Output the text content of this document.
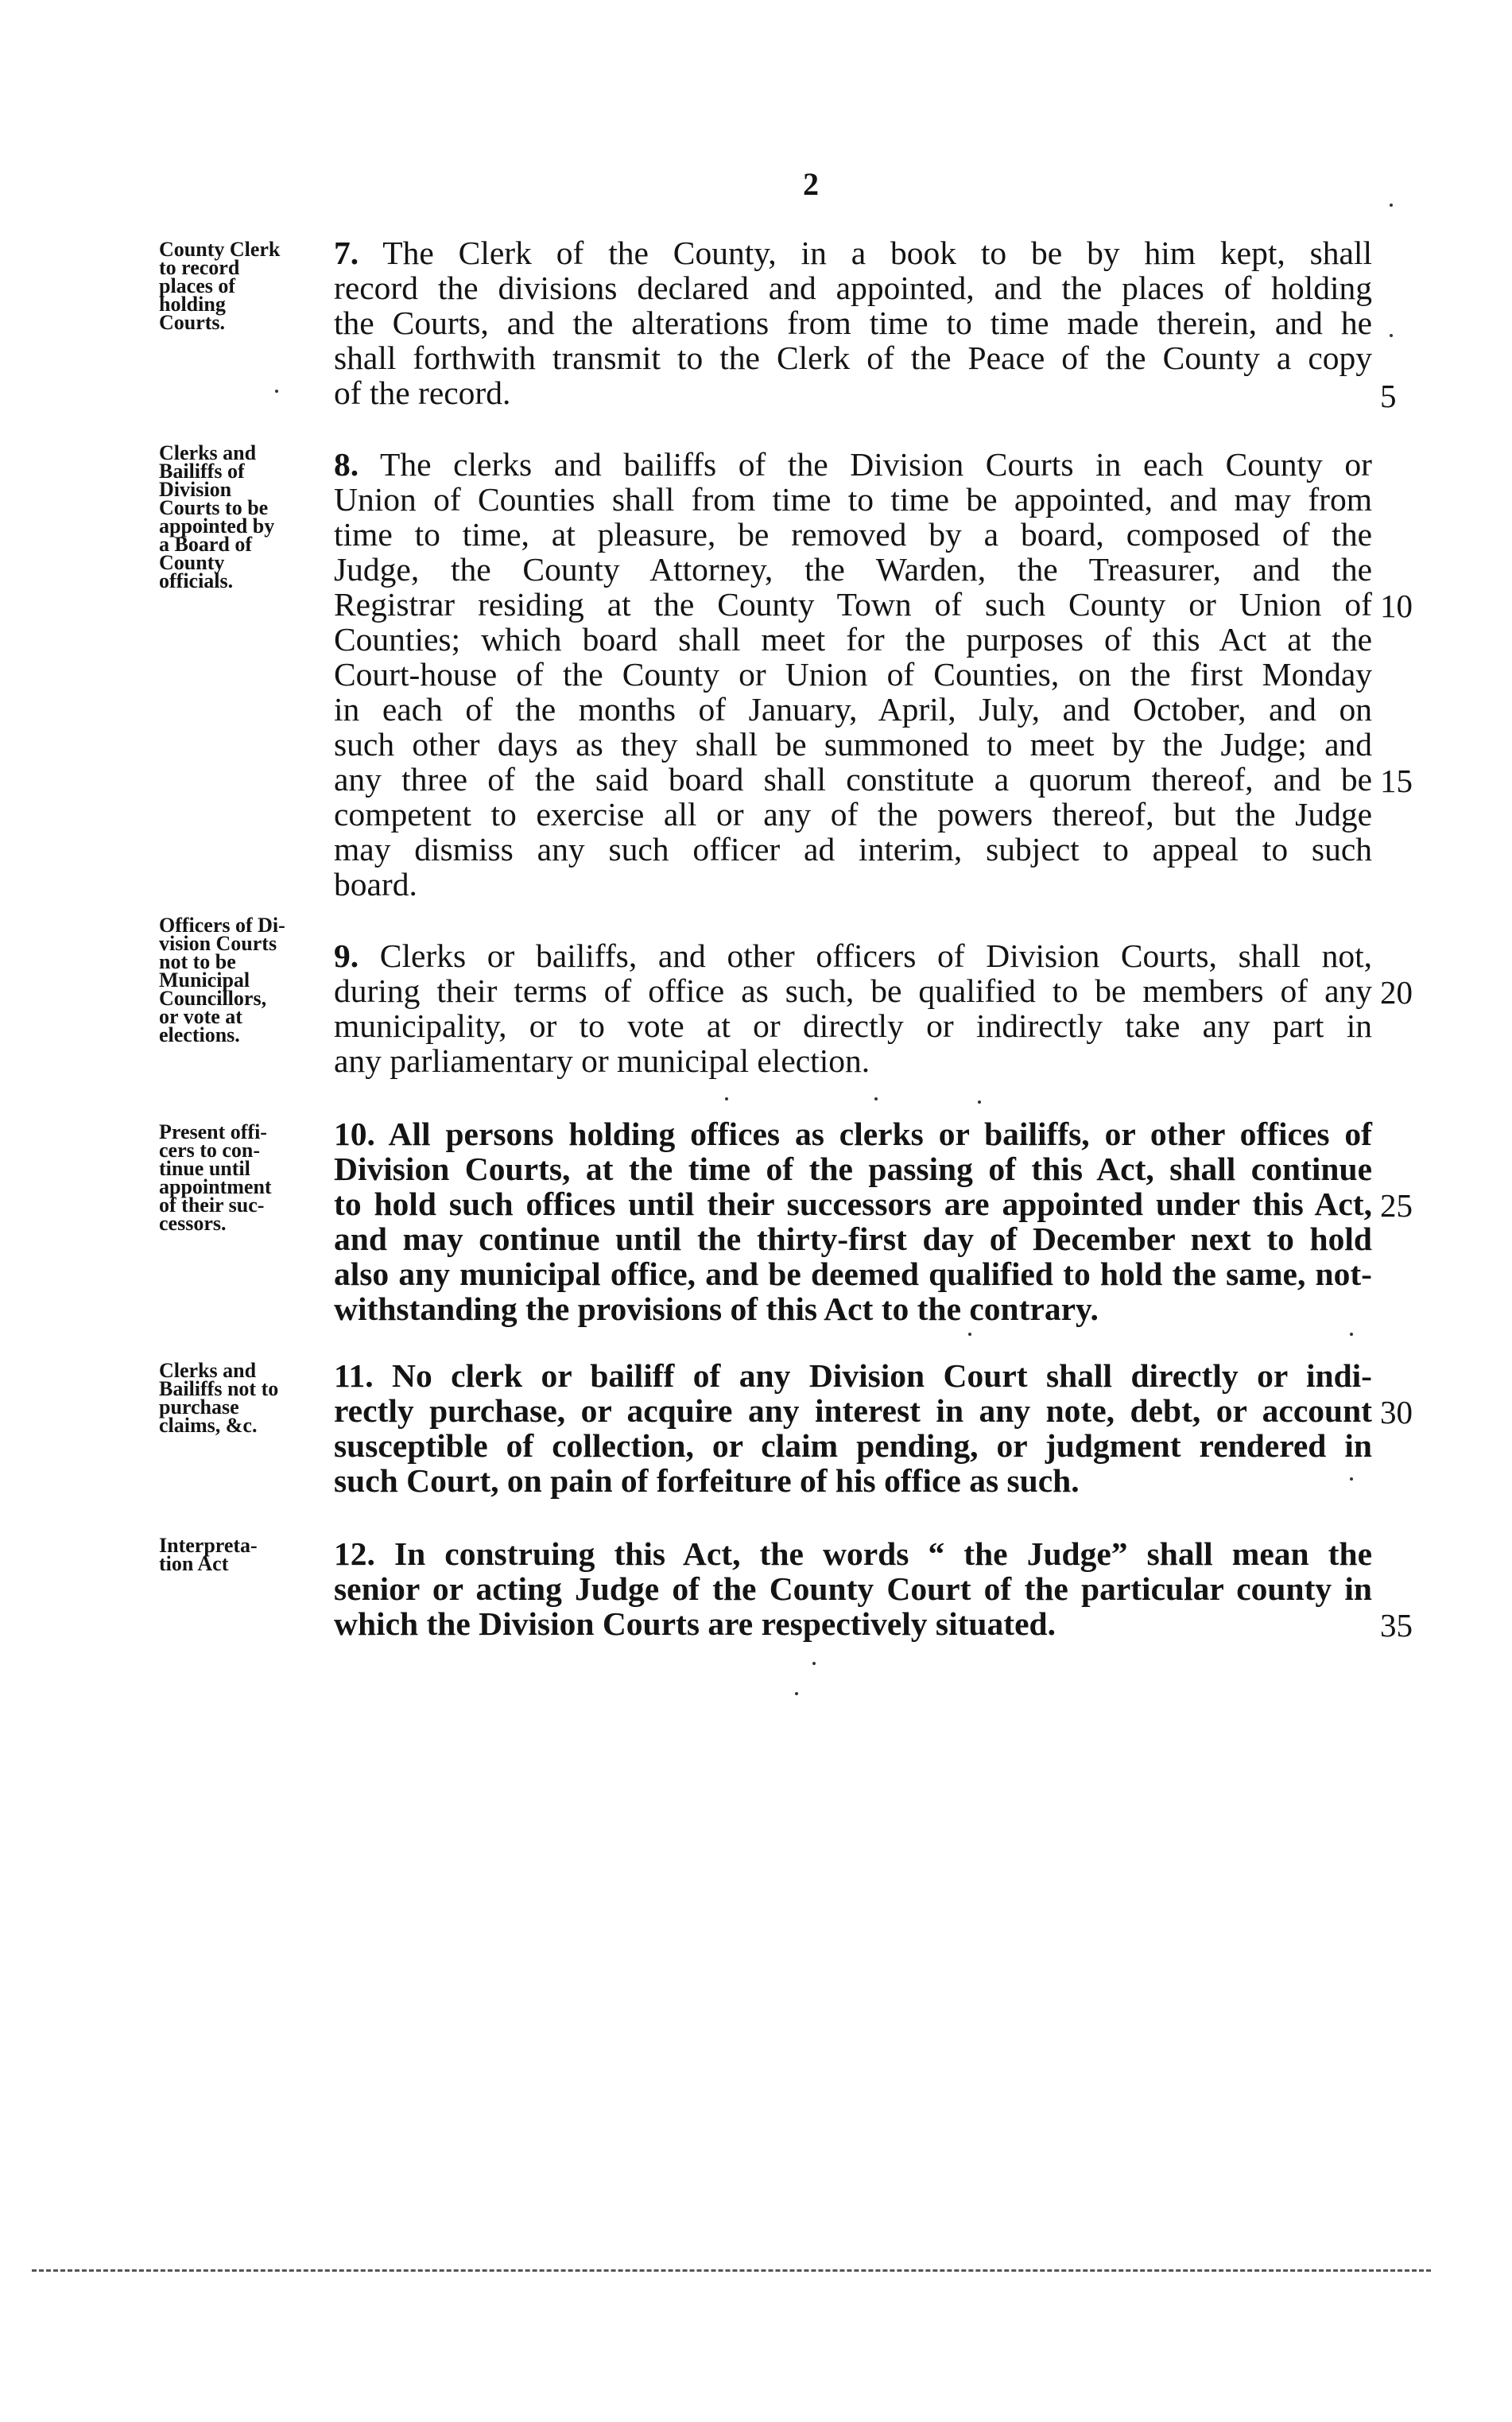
2
County Clerk
to record
places of
holding
Courts.
7. The Clerk of the County, in a book to be by him kept, shall
record the divisions declared and appointed, and the places of holding
the Courts, and the alterations from time to time made therein, and he
shall forthwith transmit to the Clerk of the Peace of the County a copy
of the record.
Clerks and
Bailiffs of
Division
Courts to be
appointed by
a Board of
County
officials.
8. The clerks and bailiffs of the Division Courts in each County or
Union of Counties shall from time to time be appointed, and may from
time to time, at pleasure, be removed by a board, composed of the
Judge, the County Attorney, the Warden, the Treasurer, and the
Registrar residing at the County Town of such County or Union of
Counties; which board shall meet for the purposes of this Act at the
Court-house of the County or Union of Counties, on the first Monday
in each of the months of January, April, July, and October, and on
such other days as they shall be summoned to meet by the Judge; and
any three of the said board shall constitute a quorum thereof, and be
competent to exercise all or any of the powers thereof, but the Judge
may dismiss any such officer ad interim, subject to appeal to such
board.
Officers of Di-
vision Courts
not to be
Municipal
Councillors,
or vote at
elections.
9. Clerks or bailiffs, and other officers of Division Courts, shall not,
during their terms of office as such, be qualified to be members of any
municipality, or to vote at or directly or indirectly take any part in
any parliamentary or municipal election.
Present offi-
cers to con-
tinue until
appointment
of their suc-
cessors.
10. All persons holding offices as clerks or bailiffs, or other offices of
Division Courts, at the time of the passing of this Act, shall continue
to hold such offices until their successors are appointed under this Act,
and may continue until the thirty-first day of December next to hold
also any municipal office, and be deemed qualified to hold the same, not-
withstanding the provisions of this Act to the contrary.
Clerks and
Bailiffs not to
purchase
claims, &c.
11. No clerk or bailiff of any Division Court shall directly or indi-
rectly purchase, or acquire any interest in any note, debt, or account
susceptible of collection, or claim pending, or judgment rendered in
such Court, on pain of forfeiture of his office as such.
Interpreta-
tion Act	12. In construing this Act, the words “ the Judge” shall mean the
senior or acting Judge of the County Court of the particular county in
which the Division Courts are respectively situated.
5
10
15
20
25
30
35
